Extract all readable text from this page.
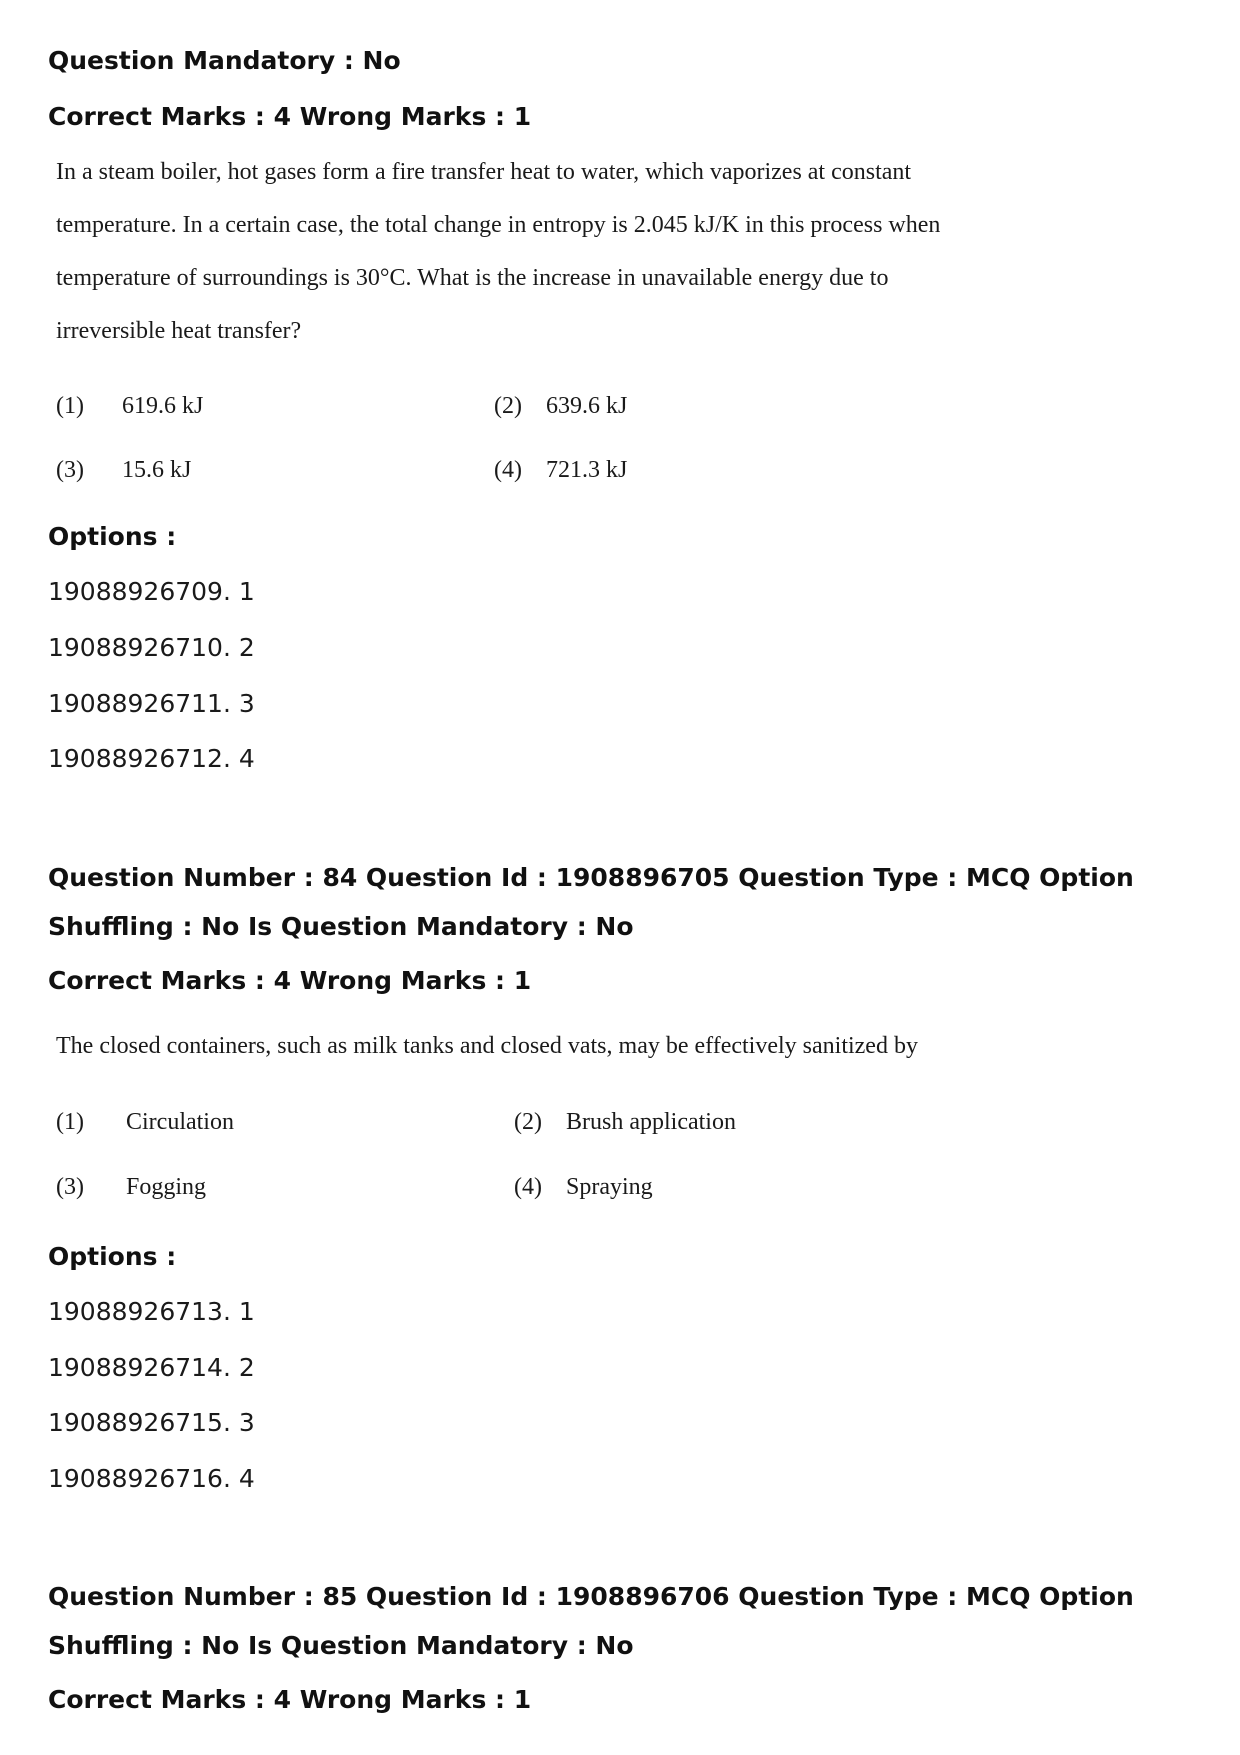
Question Mandatory : No

Correct Marks : 4 Wrong Marks : 1

In a steam boiler, hot gases form a fire transfer heat to water, which vaporizes at constant temperature. In a certain case, the total change in entropy is 2.045 kJ/K in this process when temperature of surroundings is 30°C. What is the increase in unavailable energy due to irreversible heat transfer?

(1) 619.6 kJ	(2) 639.6 kJ
(3) 15.6 kJ	(4) 721.3 kJ

Options :

19088926709. 1
19088926710. 2
19088926711. 3
19088926712. 4

Question Number : 84 Question Id : 1908896705 Question Type : MCQ Option Shuffling : No Is Question Mandatory : No

Correct Marks : 4 Wrong Marks : 1

The closed containers, such as milk tanks and closed vats, may be effectively sanitized by

(1) Circulation	(2) Brush application
(3) Fogging	(4) Spraying

Options :

19088926713. 1
19088926714. 2
19088926715. 3
19088926716. 4

Question Number : 85 Question Id : 1908896706 Question Type : MCQ Option Shuffling : No Is Question Mandatory : No

Correct Marks : 4 Wrong Marks : 1
